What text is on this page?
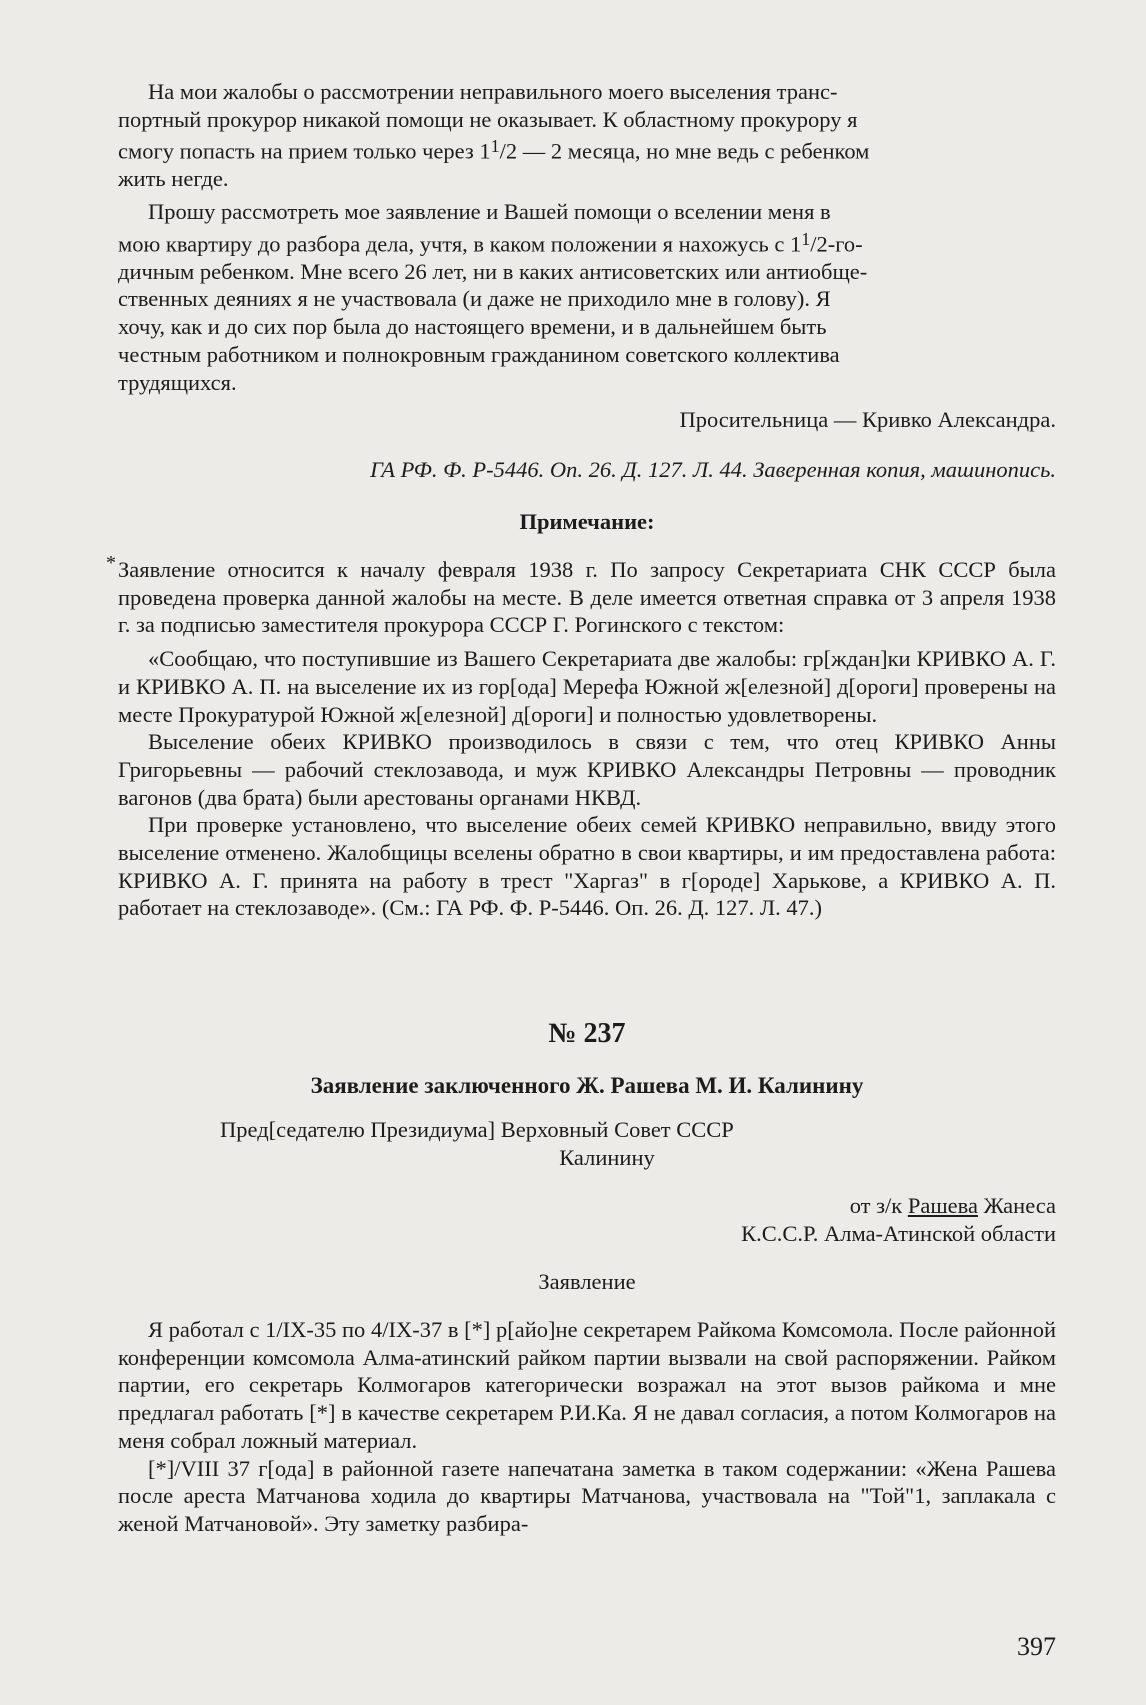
На мои жалобы о рассмотрении неправильного моего выселения транс-

портный прокурор никакой помощи не оказывает. К областному прокурору я

смогу попасть на прием только через $1^1/2$ — 2 месяца, но мне ведь с ребенком

жить негде.

Прошу рассмотреть мое заявление и Вашей помощи о вселении меня в

мою квартиру до разбора дела, учтя, в каком положении я нахожусь с $1^1/2-го-$

дичным ребенком. Мне всего 26 лет, ни в каких антисоветских или антиобще-

ственных деяниях я не участвовала (и даже не приходило мне в голову). Я

хочу, как и до сих пор была до настоящего времени, и в дальнейшем быть

честным работником и полнокровным гражданином советского коллектива

трудящихся.

Просительница — Кривко Александра.

ГА РФ. Ф. Р-5446. Оп. 26. Д. 127. Л. 44. Заверенная копия, машинопись.

Примечание:

* Заявление относится к началу февраля 1938 г. По запросу Секретариата СНК СССР была проведена проверка данной жалобы на месте. В деле имеется ответная справка от 3 апреля 1938 г. за подписью заместителя прокурора СССР Г. Рогинского с текстом:

«Сообщаю, что поступившие из Вашего Секретариата две жалобы: гр[ждан]ки КРИВКО А. Г. и КРИВКО А. П. на выселение их из гор[ода] Мерефа Южной ж[елезной] д[ороги] проверены на месте Прокуратурой Южной ж[елезной] д[ороги] и полностью удовлетворены.

Выселение обеих КРИВКО производилось в связи с тем, что отец КРИВКО Анны Григорьевны — рабочий стеклозавода, и муж КРИВКО Александры Петровны — проводник вагонов (два брата) были арестованы органами НКВД.

При проверке установлено, что выселение обеих семей КРИВКО неправильно, ввиду этого выселение отменено. Жалобщицы вселены обратно в свои квартиры, и им предоставлена работа: КРИВКО А. Г. принята на работу в трест "Харгаз" в г[ороде] Харькове, а КРИВКО А. П. работает на стеклозаводе». (См.: ГА РФ. Ф. Р-5446. Оп. 26. Д. 127. Л. 47.)

№ 237

Заявление заключенного Ж. Рашева М. И. Калинину

Пред[седателю Президиума] Верховный Совет СССР

Калинину

от з/к Рашева Жанеса

К.С.С.Р. Алма-Атинской области

Заявление

Я работал с 1/IX-35 по 4/IX-37 в [*] р[айо]не секретарем Райкома Комсомола. После районной конференции комсомола Алма-атинский райком партии вызвали на свой распоряжении. Райком партии, его секретарь Колмогаров категорически возражал на этот вызов райкома и мне предлагал работать [*] в качестве секретарем Р.И.Ка. Я не давал согласия, а потом Колмогаров на меня собрал ложный материал.

[*]/VIII 37 г[ода] в районной газете напечатана заметка в таком содержании: «Жена Рашева после ареста Матчанова ходила до квартиры Матчанова, участвовала на "Той"1, заплакала с женой Матчановой». Эту заметку разбира-

397
